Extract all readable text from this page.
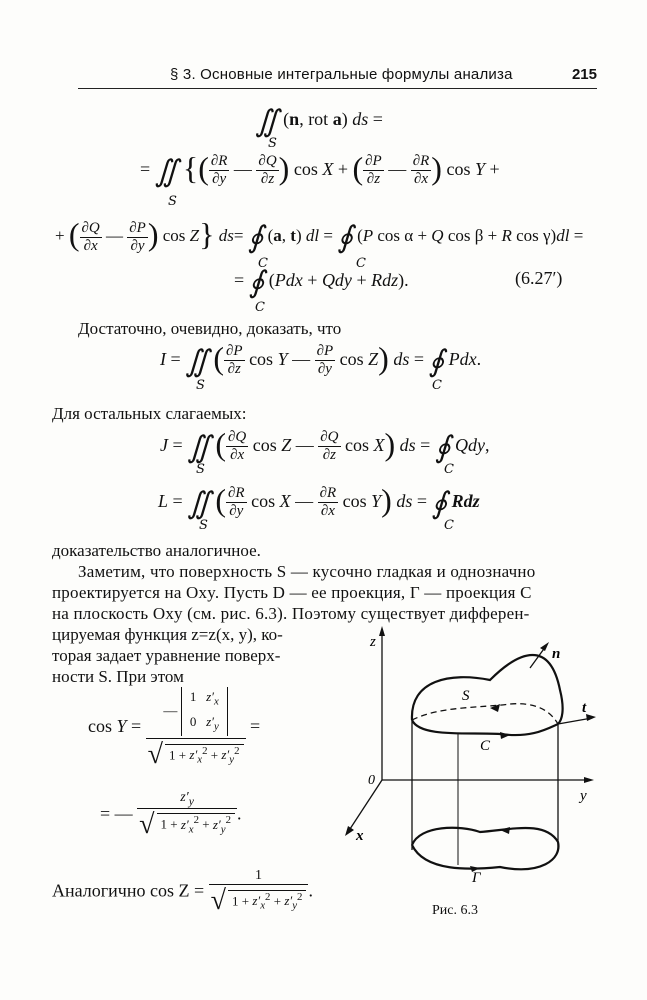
§ 3. Основные интегральные формулы анализа	215
∬ (n, rot a) ds =
S
= ∬ {( $\frac{\partial R}{\partial y}$ — $\frac{\partial Q}{\partial z}$ ) cos X + ( $\frac{\partial P}{\partial z}$ — $\frac{\partial R}{\partial x}$ ) cos Y +
S
+ ( $\frac{\partial Q}{\partial x}$ — $\frac{\partial P}{\partial y}$ ) cos Z} ds= ∮ (a, t) dl = ∮ (P cos α + Q cos β + R cos γ)dl =
C	C
= ∮ (Pdx + Qdy + Rdz).
C
(6.27′)
Достаточно, очевидно, доказать, что
I = ∬ ( $\frac{\partial P}{\partial z}$ cos Y — $\frac{\partial P}{\partial y}$ cos Z) ds = ∮ Pdx.
S	C
Для остальных слагаемых:
J = ∬ ( $\frac{\partial Q}{\partial x}$ cos Z — $\frac{\partial Q}{\partial z}$ cos X) ds = ∮ Qdy,
S	C
L = ∬ ( $\frac{\partial R}{\partial y}$ cos X — $\frac{\partial R}{\partial x}$ cos Y) ds = ∮ Rdz
S	C
доказательство аналогичное.
Заметим, что поверхность S — кусочно гладкая и однозначно
проектируется на Oxy. Пусть D — ее проекция, Г — проекция C
на плоскость Oxy (см. рис. 6.3). Поэтому существует дифферен-
цируемая функция z=z(x, y), ко-
торая задает уравнение поверх-
ности S. При этом
cos Y =
— 1   $z'_x$
0   $z'_y$
√ $1 + z'_x^2 + z'_y^2$
=
= — $\frac{z'_y}{√ 1 + z'_x^2 + z'_y^2}$ .
Аналогично $\cos Z = \frac{1}{√ 1 + z'_x^2 + z'_y^2}$ .
z
n
S
t
C
0
y
x
Г
Рис. 6.3
